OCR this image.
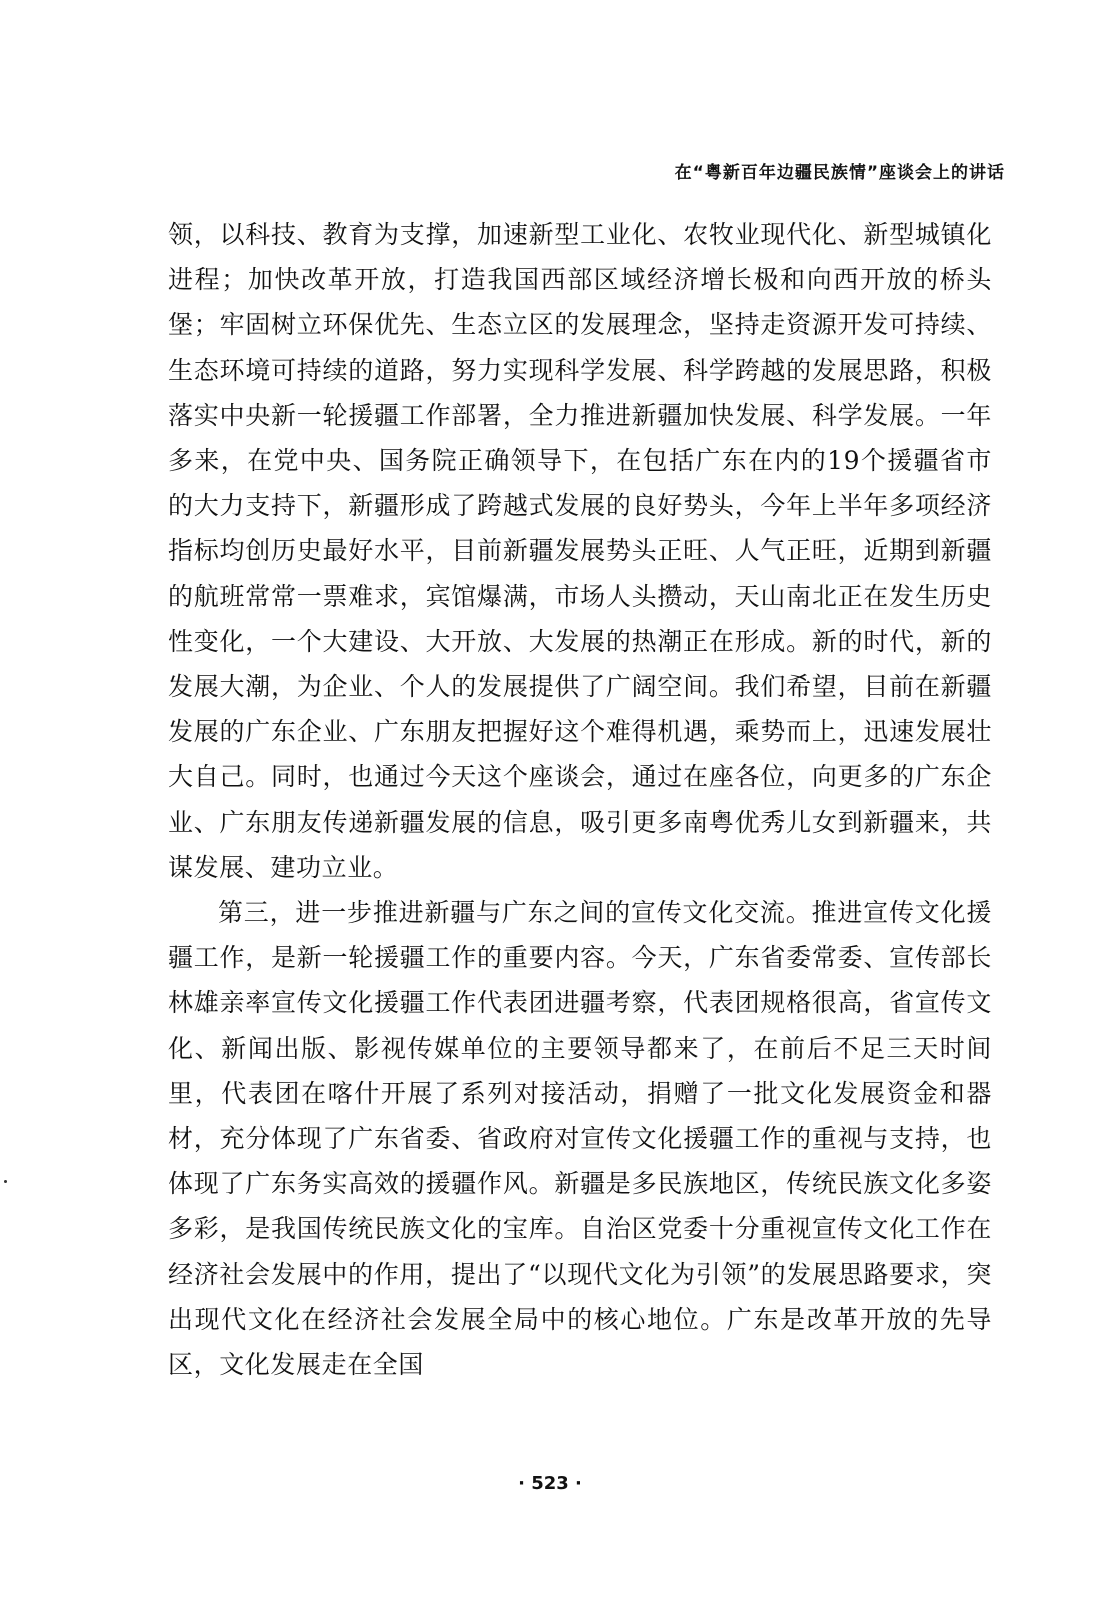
在“粤新百年边疆民族情”座谈会上的讲话

领，以科技、教育为支撑，加速新型工业化、农牧业现代化、新型城镇化进程；加快改革开放，打造我国西部区域经济增长极和向西开放的桥头堡；牢固树立环保优先、生态立区的发展理念，坚持走资源开发可持续、生态环境可持续的道路，努力实现科学发展、科学跨越的发展思路，积极落实中央新一轮援疆工作部署，全力推进新疆加快发展、科学发展。一年多来，在党中央、国务院正确领导下，在包括广东在内的19个援疆省市的大力支持下，新疆形成了跨越式发展的良好势头，今年上半年多项经济指标均创历史最好水平，目前新疆发展势头正旺、人气正旺，近期到新疆的航班常常一票难求，宾馆爆满，市场人头攒动，天山南北正在发生历史性变化，一个大建设、大开放、大发展的热潮正在形成。新的时代，新的发展大潮，为企业、个人的发展提供了广阔空间。我们希望，目前在新疆发展的广东企业、广东朋友把握好这个难得机遇，乘势而上，迅速发展壮大自己。同时，也通过今天这个座谈会，通过在座各位，向更多的广东企业、广东朋友传递新疆发展的信息，吸引更多南粤优秀儿女到新疆来，共谋发展、建功立业。

第三，进一步推进新疆与广东之间的宣传文化交流。推进宣传文化援疆工作，是新一轮援疆工作的重要内容。今天，广东省委常委、宣传部长林雄亲率宣传文化援疆工作代表团进疆考察，代表团规格很高，省宣传文化、新闻出版、影视传媒单位的主要领导都来了，在前后不足三天时间里，代表团在喀什开展了系列对接活动，捐赠了一批文化发展资金和器材，充分体现了广东省委、省政府对宣传文化援疆工作的重视与支持，也体现了广东务实高效的援疆作风。新疆是多民族地区，传统民族文化多姿多彩，是我国传统民族文化的宝库。自治区党委十分重视宣传文化工作在经济社会发展中的作用，提出了“以现代文化为引领”的发展思路要求，突出现代文化在经济社会发展全局中的核心地位。广东是改革开放的先导区，文化发展走在全国

· 523 ·
